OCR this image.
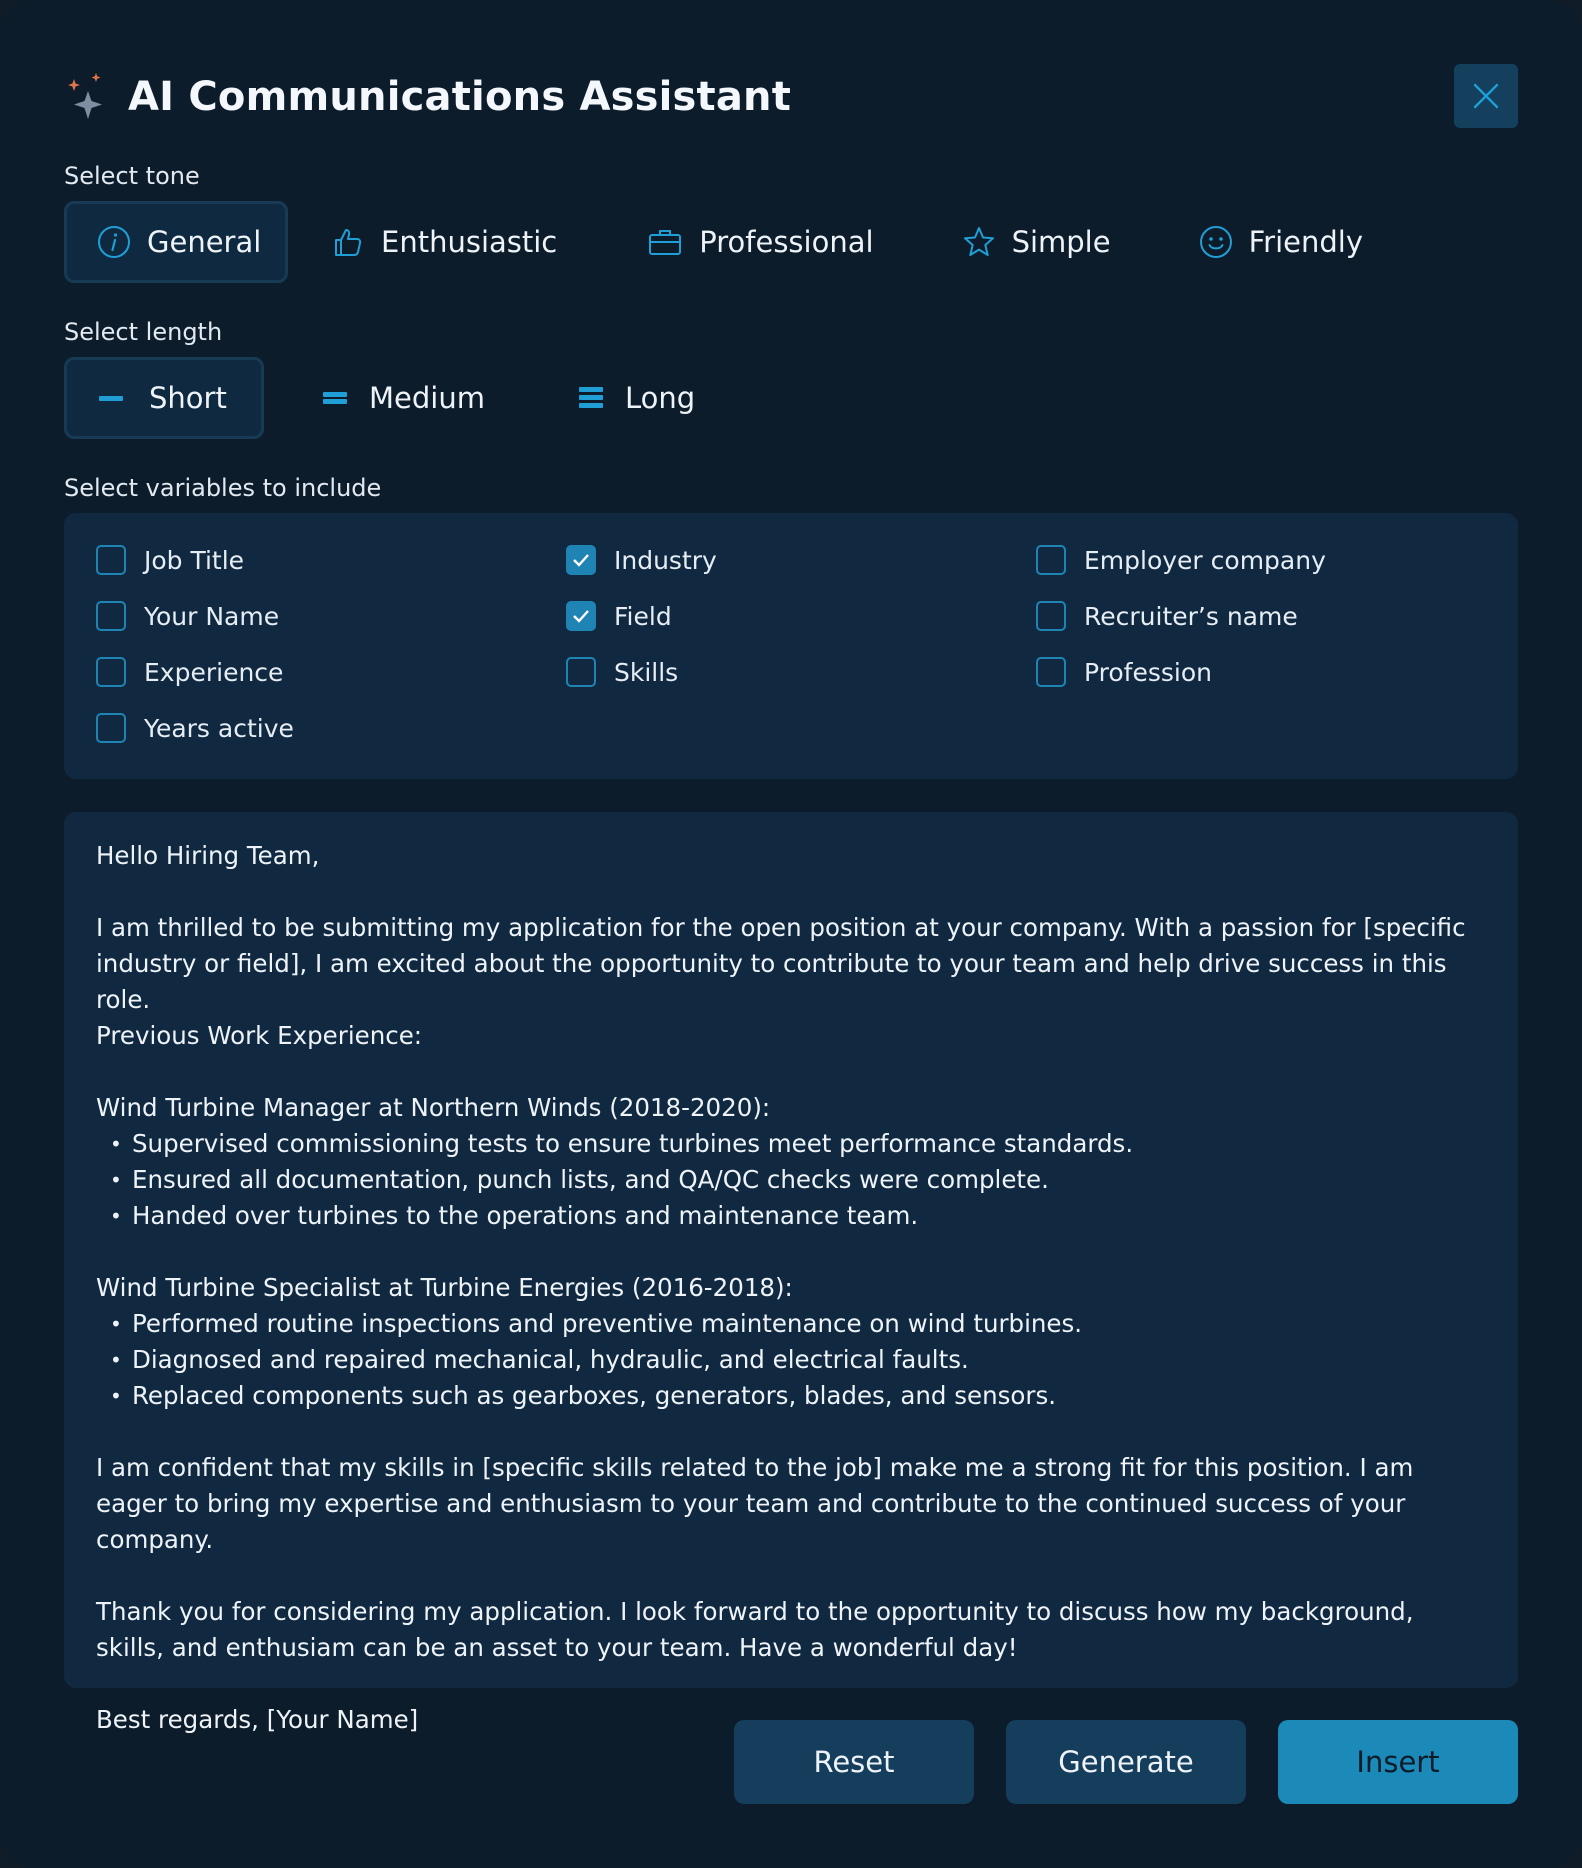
AI Communications Assistant
Select tone
General	Enthusiastic	Professional	Simple	Friendly
Select length
Short	Medium	Long
Select variables to include
Job Title
Your Name
Experience
Years active
Industry
Field
Skills
Employer company
Recruiter’s name
Profession

Hello Hiring Team,

I am thrilled to be submitting my application for the open position at your company. With a passion for [specific industry or field], I am excited about the opportunity to contribute to your team and help drive success in this role.

Previous Work Experience:

Wind Turbine Manager at Northern Winds (2018-2020):

• Supervised commissioning tests to ensure turbines meet performance standards.
• Ensured all documentation, punch lists, and QA/QC checks were complete.
• Handed over turbines to the operations and maintenance team.

Wind Turbine Specialist at Turbine Energies (2016-2018):

• Performed routine inspections and preventive maintenance on wind turbines.
• Diagnosed and repaired mechanical, hydraulic, and electrical faults.
• Replaced components such as gearboxes, generators, blades, and sensors.

I am confident that my skills in [specific skills related to the job] make me a strong fit for this position. I am eager to bring my expertise and enthusiasm to your team and contribute to the continued success of your company.

Thank you for considering my application. I look forward to the opportunity to discuss how my background, skills, and enthusiam can be an asset to your team. Have a wonderful day!

Best regards, [Your Name]

Reset	Generate	Insert
